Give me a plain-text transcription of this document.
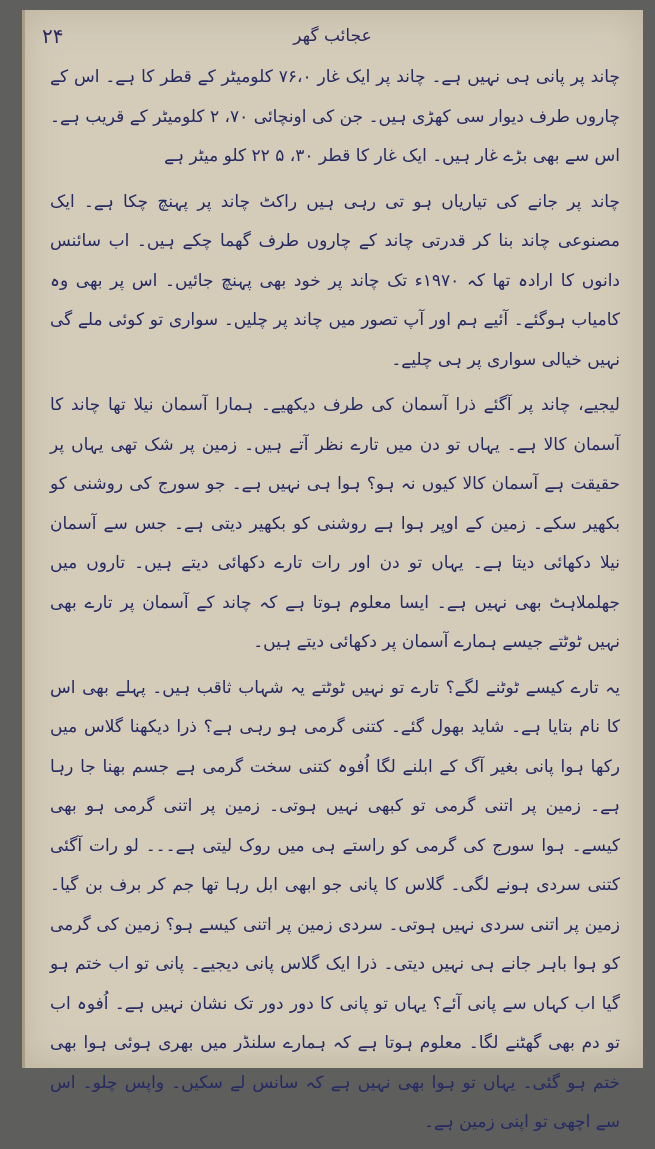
۲۴	عجائب گھر

چاند پر پانی ہی نہیں ہے۔ چاند پر ایک غار ۷۶،۰ کلومیٹر کے قطر کا ہے۔ اس کے چاروں طرف دیوار سی کھڑی ہیں۔ جن کی اونچائی ۷۰، ۲ کلومیٹر کے قریب ہے۔ اس سے بھی بڑے غار ہیں۔ ایک غار کا قطر ۳۰، ۵ ۲۲ کلو میٹر ہے

چاند پر جانے کی تیاریاں ہو تی رہی ہیں راکٹ چاند پر پہنچ چکا ہے۔ ایک مصنوعی چاند بنا کر قدرتی چاند کے چاروں طرف گھما چکے ہیں۔ اب سائنس دانوں کا ارادہ تھا کہ ۱۹۷۰ء تک چاند پر خود بھی پہنچ جائیں۔ اس پر بھی وہ کامیاب ہوگئے۔ آئیے ہم اور آپ تصور میں چاند پر چلیں۔ سواری تو کوئی ملے گی نہیں خیالی سواری پر ہی چلیے۔

لیجیے، چاند پر آگئے ذرا آسمان کی طرف دیکھیے۔ ہمارا آسمان نیلا تھا چاند کا آسمان کالا ہے۔ یہاں تو دن میں تارے نظر آتے ہیں۔ زمین پر شک تھی یہاں پر حقیقت ہے آسمان کالا کیوں نہ ہو؟ ہوا ہی نہیں ہے۔ جو سورج کی روشنی کو بکھیر سکے۔ زمین کے اوپر ہوا ہے روشنی کو بکھیر دیتی ہے۔ جس سے آسمان نیلا دکھائی دیتا ہے۔ یہاں تو دن اور رات تارے دکھائی دیتے ہیں۔ تاروں میں جھلملاہٹ بھی نہیں ہے۔ ایسا معلوم ہوتا ہے کہ چاند کے آسمان پر تارے بھی نہیں ٹوٹتے جیسے ہمارے آسمان پر دکھائی دیتے ہیں۔

یہ تارے کیسے ٹوٹنے لگے؟ تارے تو نہیں ٹوٹتے یہ شہاب ثاقب ہیں۔ پہلے بھی اس کا نام بتایا ہے۔ شاید بھول گئے۔ کتنی گرمی ہو رہی ہے؟ ذرا دیکھنا گلاس میں رکھا ہوا پانی بغیر آگ کے ابلنے لگا اُفوہ کتنی سخت گرمی ہے جسم بھنا جا رہا ہے۔ زمین پر اتنی گرمی تو کبھی نہیں ہوتی۔ زمین پر اتنی گرمی ہو بھی کیسے۔ ہوا سورج کی گرمی کو راستے ہی میں روک لیتی ہے۔۔۔ لو رات آگئی کتنی سردی ہونے لگی۔ گلاس کا پانی جو ابھی ابل رہا تھا جم کر برف بن گیا۔ زمین پر اتنی سردی نہیں ہوتی۔ سردی زمین پر اتنی کیسے ہو؟ زمین کی گرمی کو ہوا باہر جانے ہی نہیں دیتی۔ ذرا ایک گلاس پانی دیجیے۔ پانی تو اب ختم ہو گیا اب کہاں سے پانی آئے؟ یہاں تو پانی کا دور دور تک نشان نہیں ہے۔ اُفوہ اب تو دم بھی گھٹنے لگا۔ معلوم ہوتا ہے کہ ہمارے سلنڈر میں بھری ہوئی ہوا بھی ختم ہو گئی۔ یہاں تو ہوا بھی نہیں ہے کہ سانس لے سکیں۔ واپس چلو۔ اس سے اچھی تو اپنی زمین ہے۔
